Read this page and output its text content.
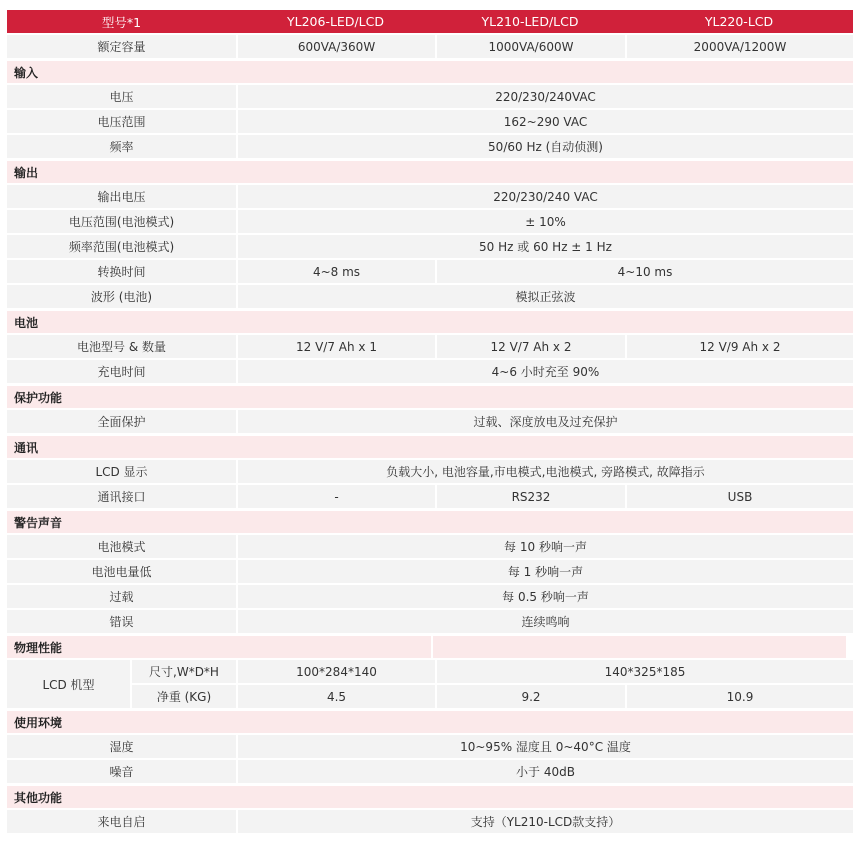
型号*1	YL206-LED/LCD	YL210-LED/LCD	YL220-LCD
额定容量	600VA/360W	1000VA/600W	2000VA/1200W
输入
电压	220/230/240VAC
电压范围	162~290 VAC
频率	50/60 Hz (自动侦测)
输出
输出电压	220/230/240 VAC
电压范围(电池模式)	± 10%
频率范围(电池模式)	50 Hz 或 60 Hz ± 1 Hz
转换时间	4~8 ms	4~10 ms
波形 (电池)	模拟正弦波
电池
电池型号 & 数量	12 V/7 Ah x 1	12 V/7 Ah x 2	12 V/9 Ah x 2
充电时间	4~6 小时充至 90%
保护功能
全面保护	过载、深度放电及过充保护
通讯
LCD 显示	负载大小, 电池容量,市电模式,电池模式, 旁路模式, 故障指示
通讯接口	-	RS232	USB
警告声音
电池模式	每 10 秒响一声
电池电量低	每 1 秒响一声
过载	每 0.5 秒响一声
错误	连续鸣响
物理性能
LCD 机型
尺寸,W*D*H	100*284*140	140*325*185
净重 (KG)	4.5	9.2	10.9
使用环境
湿度	10~95% 湿度且 0~40°C 温度
噪音	小于 40dB
其他功能
来电自启	支持（YL210-LCD款支持）
